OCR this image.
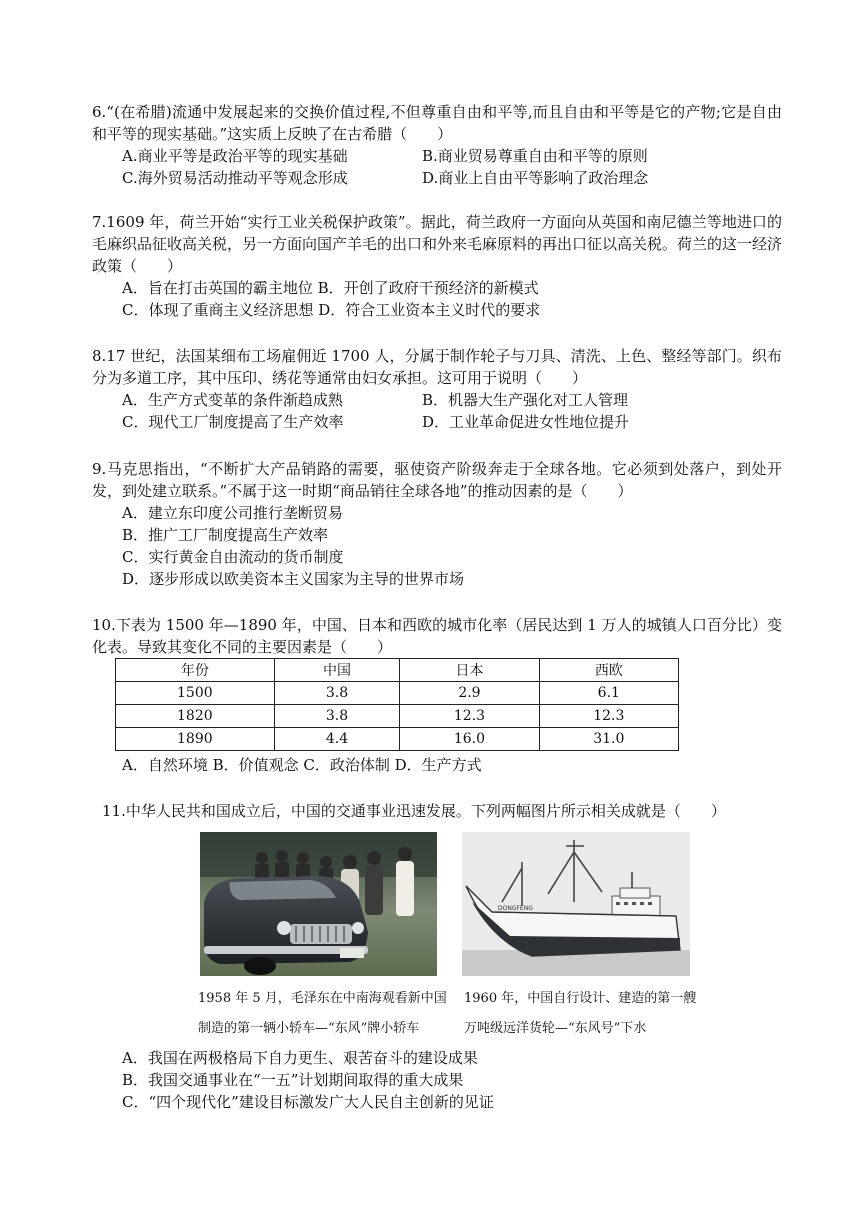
6.“(在希腊)流通中发展起来的交换价值过程,不但尊重自由和平等,而且自由和平等是它的产物;它是自由和平等的现实基础。”这实质上反映了在古希腊（　　）
A.商业平等是政治平等的现实基础	B.商业贸易尊重自由和平等的原则
C.海外贸易活动推动平等观念形成	D.商业上自由平等影响了政治理念
7.1609 年，荷兰开始“实行工业关税保护政策”。据此，荷兰政府一方面向从英国和南尼德兰等地进口的毛麻织品征收高关税，另一方面向国产羊毛的出口和外来毛麻原料的再出口征以高关税。荷兰的这一经济政策（　　）
A．旨在打击英国的霸主地位 B．开创了政府干预经济的新模式
C．体现了重商主义经济思想 D．符合工业资本主义时代的要求
8.17 世纪，法国某细布工场雇佣近 1700 人，分属于制作轮子与刀具、清洗、上色、整经等部门。织布分为多道工序，其中压印、绣花等通常由妇女承担。这可用于说明（　　）
A．生产方式变革的条件渐趋成熟	B．机器大生产强化对工人管理
C．现代工厂制度提高了生产效率	D．工业革命促进女性地位提升
9.马克思指出，“不断扩大产品销路的需要，驱使资产阶级奔走于全球各地。它必须到处落户，到处开发，到处建立联系。”不属于这一时期“商品销往全球各地”的推动因素的是（　　）
A．建立东印度公司推行垄断贸易
B．推广工厂制度提高生产效率
C．实行黄金自由流动的货币制度
D．逐步形成以欧美资本主义国家为主导的世界市场
10.下表为 1500 年—1890 年，中国、日本和西欧的城市化率（居民达到 1 万人的城镇人口百分比）变化表。导致其变化不同的主要因素是（　　）
年份	中国	日本	西欧
1500	3.8	2.9	6.1
1820	3.8	12.3	12.3
1890	4.4	16.0	31.0
A．自然环境 B．价值观念 C．政治体制 D．生产方式
11.中华人民共和国成立后，中国的交通事业迅速发展。下列两幅图片所示相关成就是（　　）
1958 年 5 月，毛泽东在中南海观看新中国
制造的第一辆小轿车—“东风”牌小轿车
DONGFENG
1960 年，中国自行设计、建造的第一艘
万吨级远洋货轮—“东风号”下水
A．我国在两极格局下自力更生、艰苦奋斗的建设成果
B．我国交通事业在“一五”计划期间取得的重大成果
C．“四个现代化”建设目标激发广大人民自主创新的见证
